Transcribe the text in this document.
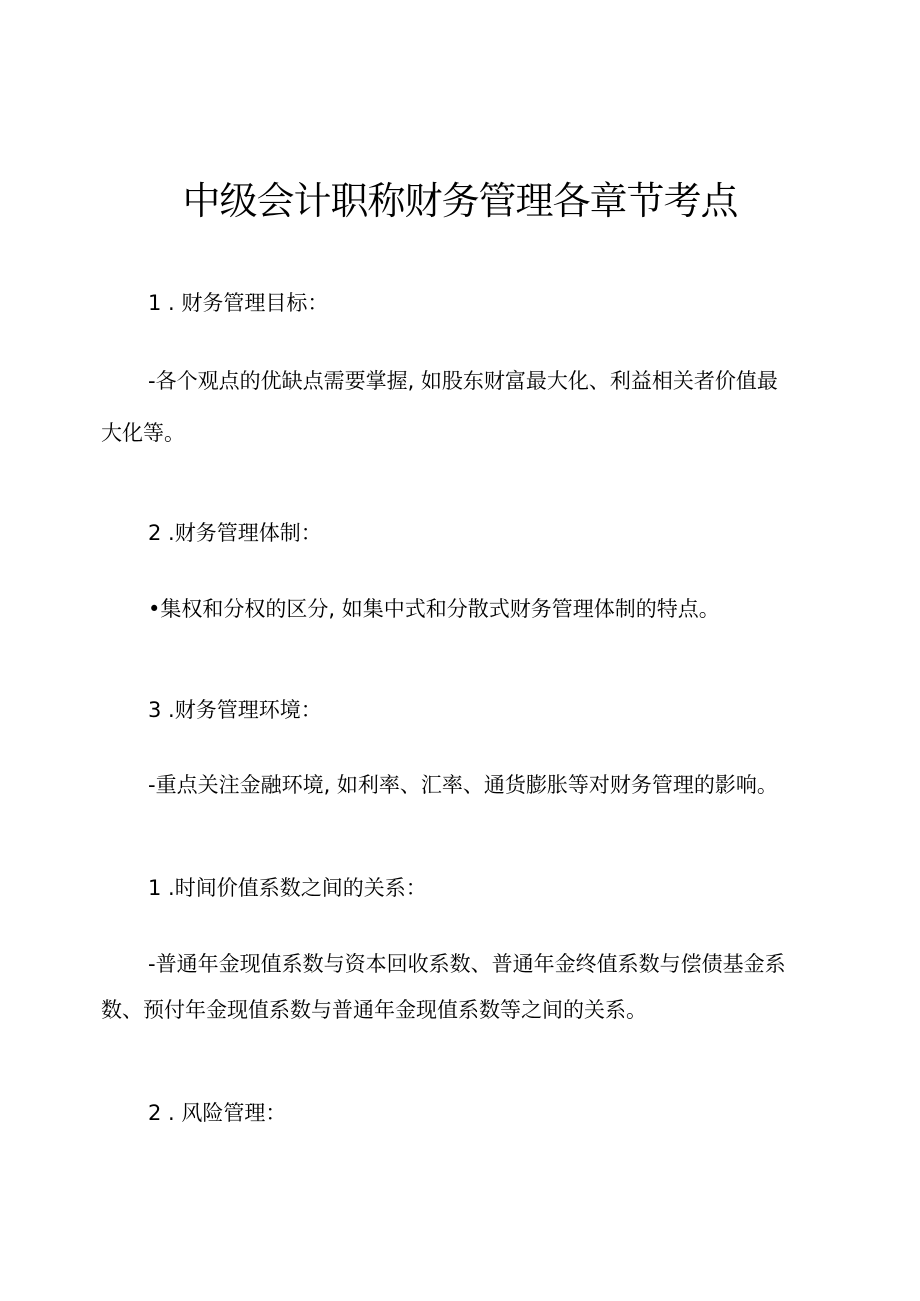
中级会计职称财务管理各章节考点

1 . 财务管理目标：

-各个观点的优缺点需要掌握, 如股东财富最大化、利益相关者价值最

大化等。

2 .财务管理体制：

•集权和分权的区分, 如集中式和分散式财务管理体制的特点。

3 .财务管理环境：

-重点关注金融环境, 如利率、汇率、通货膨胀等对财务管理的影响。

1 .时间价值系数之间的关系：

-普通年金现值系数与资本回收系数、普通年金终值系数与偿债基金系

数、预付年金现值系数与普通年金现值系数等之间的关系。

2 . 风险管理：
